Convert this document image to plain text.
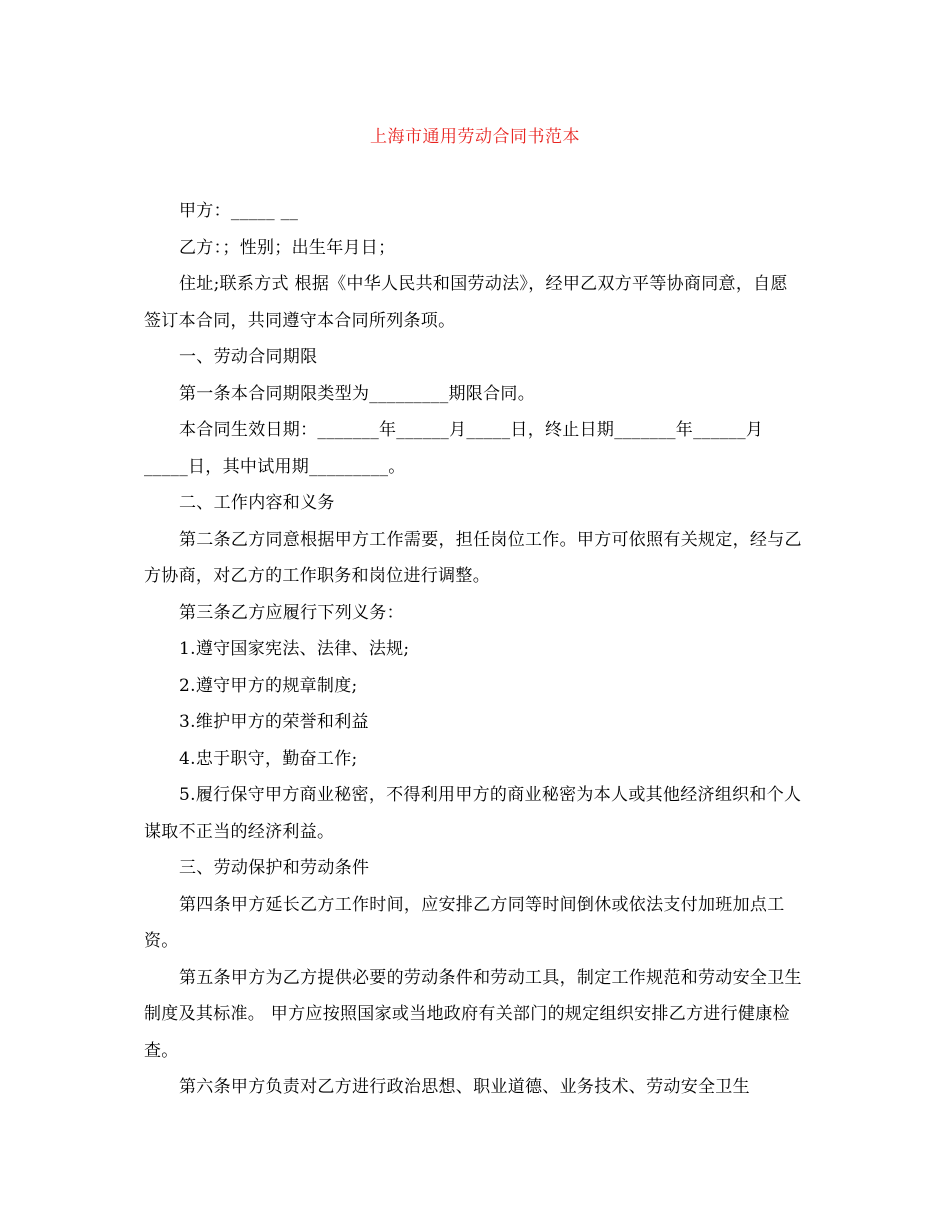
上海市通用劳动合同书范本

甲方：_____ __

乙方：；性别；出生年月日；

住址;联系方式 根据《中华人民共和国劳动法》，经甲乙双方平等协商同意，自愿签订本合同，共同遵守本合同所列条项。

一、劳动合同期限

第一条本合同期限类型为_________期限合同。

本合同生效日期：_______年______月_____日，终止日期_______年______月_____日，其中试用期_________。

二、工作内容和义务

第二条乙方同意根据甲方工作需要，担任岗位工作。甲方可依照有关规定，经与乙方协商，对乙方的工作职务和岗位进行调整。

第三条乙方应履行下列义务：

1.遵守国家宪法、法律、法规;

2.遵守甲方的规章制度;

3.维护甲方的荣誉和利益

4.忠于职守，勤奋工作;

5.履行保守甲方商业秘密，不得利用甲方的商业秘密为本人或其他经济组织和个人谋取不正当的经济利益。

三、劳动保护和劳动条件

第四条甲方延长乙方工作时间，应安排乙方同等时间倒休或依法支付加班加点工资。

第五条甲方为乙方提供必要的劳动条件和劳动工具，制定工作规范和劳动安全卫生制度及其标准。 甲方应按照国家或当地政府有关部门的规定组织安排乙方进行健康检查。

第六条甲方负责对乙方进行政治思想、职业道德、业务技术、劳动安全卫生
